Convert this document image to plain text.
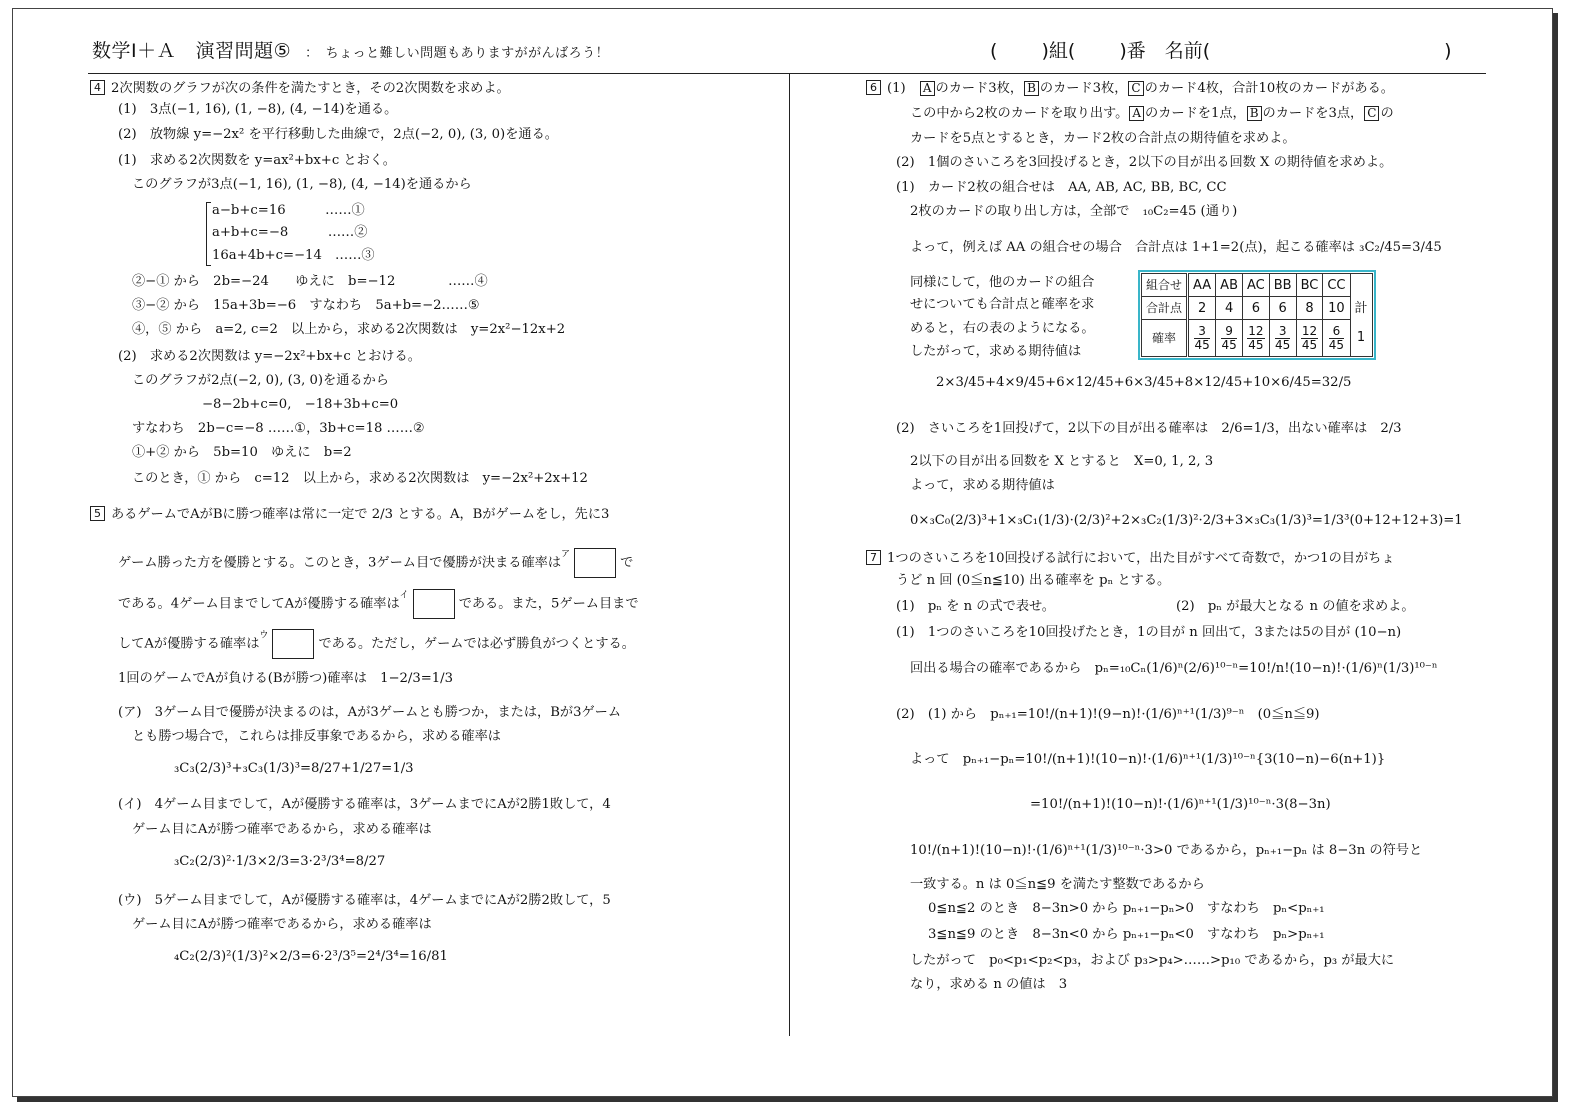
数学Ⅰ＋Ａ　演習問題⑤ ：　ちょっと難しい問題もありますががんばろう！	(　　 )組(　　 )番　名前(　　　　　　　　　　　　 )
4 2次関数のグラフが次の条件を満たすとき，その2次関数を求めよ。
(1)　3点(−1, 16), (1, −8), (4, −14)を通る。
(2)　放物線 y=−2x² を平行移動した曲線で，2点(−2, 0), (3, 0)を通る。
(1)　求める2次関数を y=ax²+bx+c とおく。
このグラフが3点(−1, 16), (1, −8), (4, −14)を通るから
a−b+c=16　　　……①
a+b+c=−8　　　……②
16a+4b+c=−14　……③
②−① から　2b=−24　　ゆえに　b=−12　　　　……④
③−② から　15a+3b=−6　すなわち　5a+b=−2……⑤
④，⑤ から　a=2, c=2　以上から，求める2次関数は　y=2x²−12x+2
(2)　求める2次関数は y=−2x²+bx+c とおける。
このグラフが2点(−2, 0), (3, 0)を通るから
−8−2b+c=0,　−18+3b+c=0
すなわち　2b−c=−8 ……①，3b+c=18 ……②
①+② から　5b=10　ゆえに　b=2
このとき，① から　c=12　以上から，求める2次関数は　y=−2x²+2x+12
5 あるゲームでAがBに勝つ確率は常に一定で 2/3 とする。A，Bがゲームをし，先に3
ゲーム勝った方を優勝とする。このとき，3ゲーム目で優勝が決まる確率は$^ア$で
である。4ゲーム目までしてAが優勝する確率は$^イ$である。また，5ゲーム目まで
してAが優勝する確率は$^ウ$である。ただし，ゲームでは必ず勝負がつくとする。
1回のゲームでAが負ける(Bが勝つ)確率は　1−2/3=1/3
(ア)　3ゲーム目で優勝が決まるのは，Aが3ゲームとも勝つか，または，Bが3ゲーム
とも勝つ場合で，これらは排反事象であるから，求める確率は
₃C₃(2/3)³+₃C₃(1/3)³=8/27+1/27=1/3
(イ)　4ゲーム目までして，Aが優勝する確率は，3ゲームまでにAが2勝1敗して，4
ゲーム目にAが勝つ確率であるから，求める確率は
₃C₂(2/3)²·1/3×2/3=3·2³/3⁴=8/27
(ウ)　5ゲーム目までして，Aが優勝する確率は，4ゲームまでにAが2勝2敗して，5
ゲーム目にAが勝つ確率であるから，求める確率は
₄C₂(2/3)²(1/3)²×2/3=6·2³/3⁵=2⁴/3⁴=16/81
6 (1)　A のカード3枚， B のカード3枚， C のカード4枚，合計10枚のカードがある。
この中から2枚のカードを取り出す。 A のカードを1点， B のカードを3点， C の
カードを5点とするとき，カード2枚の合計点の期待値を求めよ。
(2)　1個のさいころを3回投げるとき，2以下の目が出る回数 X の期待値を求めよ。
(1)　カード2枚の組合せは　AA, AB, AC, BB, BC, CC
2枚のカードの取り出し方は，全部で　₁₀C₂=45 (通り)
よって，例えば AA の組合せの場合　合計点は 1+1=2(点)，起こる確率は ₃C₂/45=3/45
同様にして，他のカードの組合
せについても合計点と確率を求
めると，右の表のようになる。
したがって，求める期待値は
組合せ	AA	AB	AC	BB	BC	CC	
合計点	2	4	6	6	8	10	計
確率	$\frac{3}{45}$	$\frac{9}{45}$	$\frac{12}{45}$	$\frac{3}{45}$	$\frac{12}{45}$	$\frac{6}{45}$	1
2×3/45+4×9/45+6×12/45+6×3/45+8×12/45+10×6/45=32/5
(2)　さいころを1回投げて，2以下の目が出る確率は　2/6=1/3，出ない確率は　2/3
2以下の目が出る回数を X とすると　X=0, 1, 2, 3
よって，求める期待値は
0×₃C₀(2/3)³+1×₃C₁(1/3)·(2/3)²+2×₃C₂(1/3)²·2/3+3×₃C₃(1/3)³=1/3³(0+12+12+3)=1
7 1つのさいころを10回投げる試行において，出た目がすべて奇数で，かつ1の目がちょ
うど n 回 (0≦n≦10) 出る確率を pₙ とする。
(1)　pₙ を n の式で表せ。	(2)　pₙ が最大となる n の値を求めよ。
(1)　1つのさいころを10回投げたとき，1の目が n 回出て，3または5の目が (10−n)
回出る場合の確率であるから　pₙ=₁₀Cₙ(1/6)ⁿ(2/6)¹⁰⁻ⁿ=10!/n!(10−n)!·(1/6)ⁿ(1/3)¹⁰⁻ⁿ
(2)　(1) から　pₙ₊₁=10!/(n+1)!(9−n)!·(1/6)ⁿ⁺¹(1/3)⁹⁻ⁿ　(0≦n≦9)
よって　pₙ₊₁−pₙ=10!/(n+1)!(10−n)!·(1/6)ⁿ⁺¹(1/3)¹⁰⁻ⁿ{3(10−n)−6(n+1)}
=10!/(n+1)!(10−n)!·(1/6)ⁿ⁺¹(1/3)¹⁰⁻ⁿ·3(8−3n)
10!/(n+1)!(10−n)!·(1/6)ⁿ⁺¹(1/3)¹⁰⁻ⁿ·3>0 であるから，pₙ₊₁−pₙ は 8−3n の符号と
一致する。n は 0≦n≦9 を満たす整数であるから
0≦n≦2 のとき　8−3n>0 から pₙ₊₁−pₙ>0　すなわち　pₙ<pₙ₊₁
3≦n≦9 のとき　8−3n<0 から pₙ₊₁−pₙ<0　すなわち　pₙ>pₙ₊₁
したがって　p₀<p₁<p₂<p₃，および p₃>p₄>……>p₁₀ であるから，p₃ が最大に
なり，求める n の値は　3
